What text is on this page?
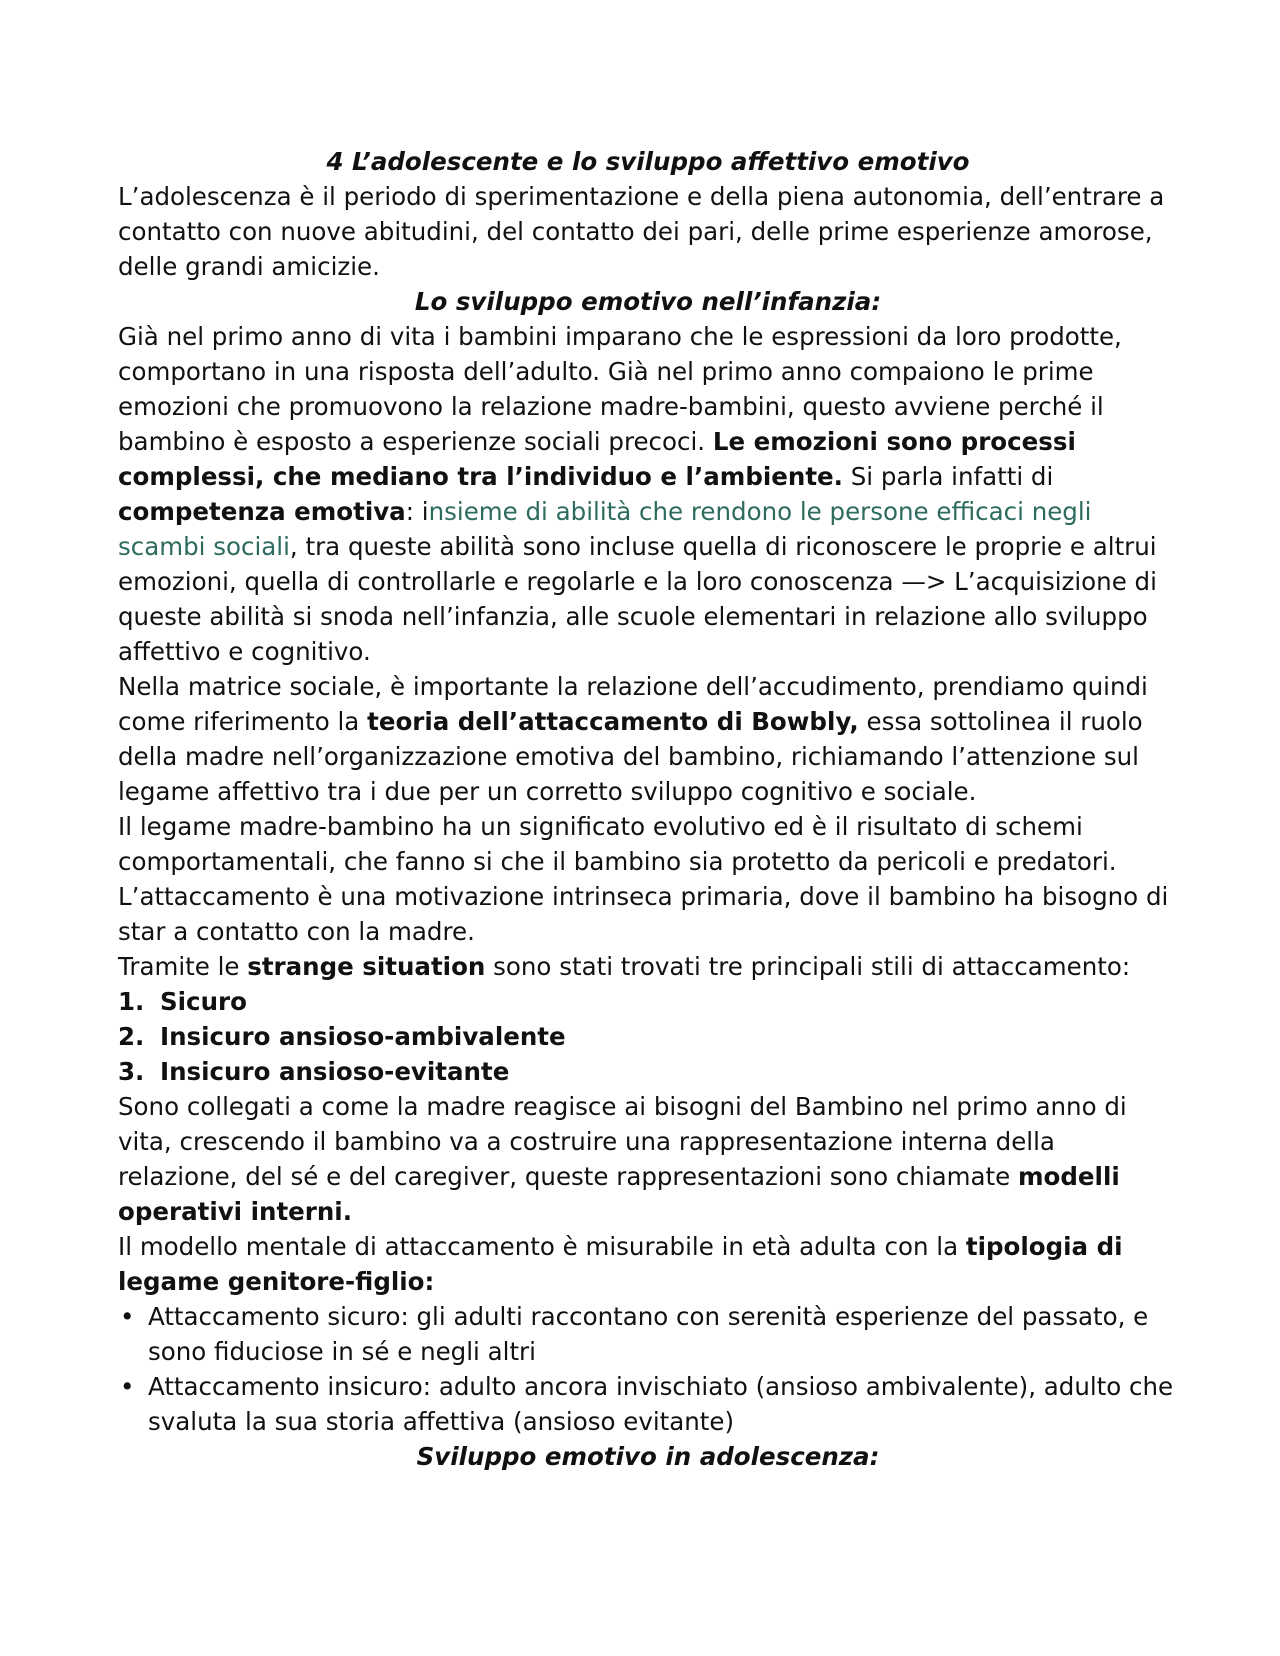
4 L’adolescente e lo sviluppo affettivo emotivo

L’adolescenza è il periodo di sperimentazione e della piena autonomia, dell’entrare a contatto con nuove abitudini, del contatto dei pari, delle prime esperienze amorose, delle grandi amicizie.

Lo sviluppo emotivo nell’infanzia:

Già nel primo anno di vita i bambini imparano che le espressioni da loro prodotte, comportano in una risposta dell’adulto. Già nel primo anno compaiono le prime emozioni che promuovono la relazione madre-bambini, questo avviene perché il bambino è esposto a esperienze sociali precoci. Le emozioni sono processi complessi, che mediano tra l’individuo e l’ambiente. Si parla infatti di competenza emotiva: insieme di abilità che rendono le persone efficaci negli scambi sociali, tra queste abilità sono incluse quella di riconoscere le proprie e altrui emozioni, quella di controllarle e regolarle e la loro conoscenza —> L’acquisizione di queste abilità si snoda nell’infanzia, alle scuole elementari in relazione allo sviluppo affettivo e cognitivo.

Nella matrice sociale, è importante la relazione dell’accudimento, prendiamo quindi come riferimento la teoria dell’attaccamento di Bowbly, essa sottolinea il ruolo della madre nell’organizzazione emotiva del bambino, richiamando l’attenzione sul legame affettivo tra i due per un corretto sviluppo cognitivo e sociale.

Il legame madre-bambino ha un significato evolutivo ed è il risultato di schemi comportamentali, che fanno si che il bambino sia protetto da pericoli e predatori. L’attaccamento è una motivazione intrinseca primaria, dove il bambino ha bisogno di star a contatto con la madre.

Tramite le strange situation sono stati trovati tre principali stili di attaccamento:

1. Sicuro
2. Insicuro ansioso-ambivalente
3. Insicuro ansioso-evitante

Sono collegati a come la madre reagisce ai bisogni del Bambino nel primo anno di vita, crescendo il bambino va a costruire una rappresentazione interna della relazione, del sé e del caregiver, queste rappresentazioni sono chiamate modelli operativi interni.

Il modello mentale di attaccamento è misurabile in età adulta con la tipologia di legame genitore-figlio:

• Attaccamento sicuro: gli adulti raccontano con serenità esperienze del passato, e sono fiduciose in sé e negli altri
• Attaccamento insicuro: adulto ancora invischiato (ansioso ambivalente), adulto che svaluta la sua storia affettiva (ansioso evitante)

Sviluppo emotivo in adolescenza:
